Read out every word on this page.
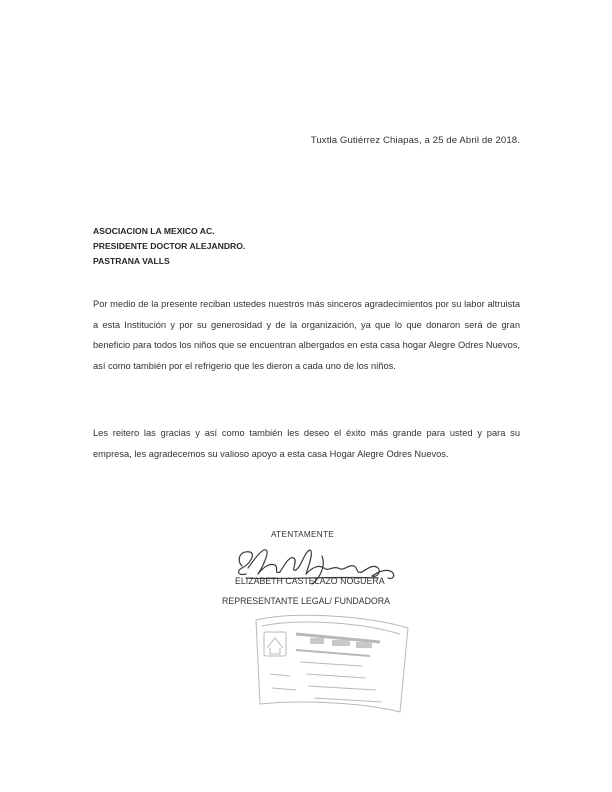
Tuxtla Gutiérrez Chiapas, a 25 de Abril de 2018.
ASOCIACION LA MEXICO AC.
PRESIDENTE DOCTOR ALEJANDRO.
PASTRANA VALLS

Por medio de la presente reciban ustedes nuestros más sinceros agradecimientos por su labor altruista a esta Institución y por su generosidad y de la organización, ya que lo que donaron será de gran beneficio para todos los niños que se encuentran albergados en esta casa hogar Alegre Odres Nuevos, así como también por el refrigerio que les dieron a cada uno de los niños.

Les reitero las gracias y así como también les deseo el éxito más grande para usted y para su empresa, les agradecemos su valioso apoyo a esta casa Hogar Alegre Odres Nuevos.

ATENTAMENTE
ELIZABETH CASTELAZO NOGUERA
REPRESENTANTE LEGAL/ FUNDADORA
